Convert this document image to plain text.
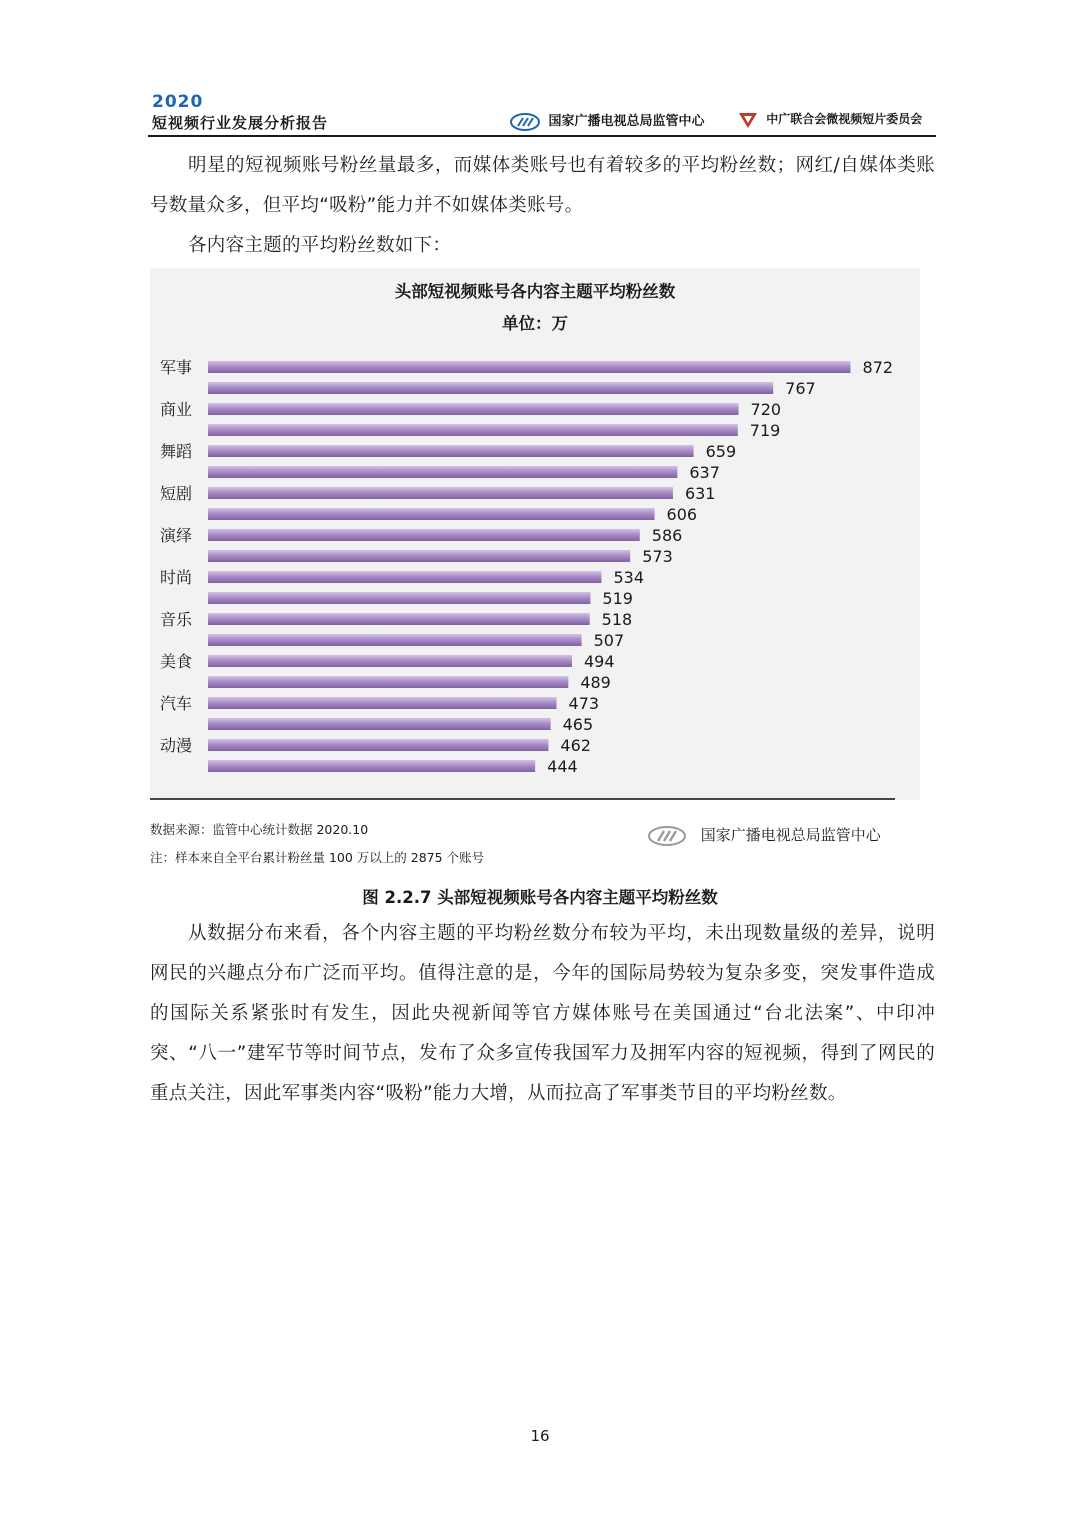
2020
短视频行业发展分析报告	国家广播电视总局监管中心	中广联合会微视频短片委员会
明星的短视频账号粉丝量最多，而媒体类账号也有着较多的平均粉丝数；网红/自媒体类账号数量众多，但平均“吸粉”能力并不如媒体类账号。
各内容主题的平均粉丝数如下：
头部短视频账号各内容主题平均粉丝数
单位：万
872
军事
767
720
商业
719
659
舞蹈
637
631
短剧
606
586
演绎
573
534
时尚
519
518
音乐
507
494
美食
489
473
汽车
465
462
动漫
444
数据来源：监管中心统计数据 2020.10
注：样本来自全平台累计粉丝量 100 万以上的 2875 个账号
国家广播电视总局监管中心
图 2.2.7 头部短视频账号各内容主题平均粉丝数
从数据分布来看，各个内容主题的平均粉丝数分布较为平均，未出现数量级的差异，说明网民的兴趣点分布广泛而平均。值得注意的是，今年的国际局势较为复杂多变，突发事件造成的国际关系紧张时有发生，因此央视新闻等官方媒体账号在美国通过“台北法案”、中印冲突、“八一”建军节等时间节点，发布了众多宣传我国军力及拥军内容的短视频，得到了网民的重点关注，因此军事类内容“吸粉”能力大增，从而拉高了军事类节目的平均粉丝数。
16
